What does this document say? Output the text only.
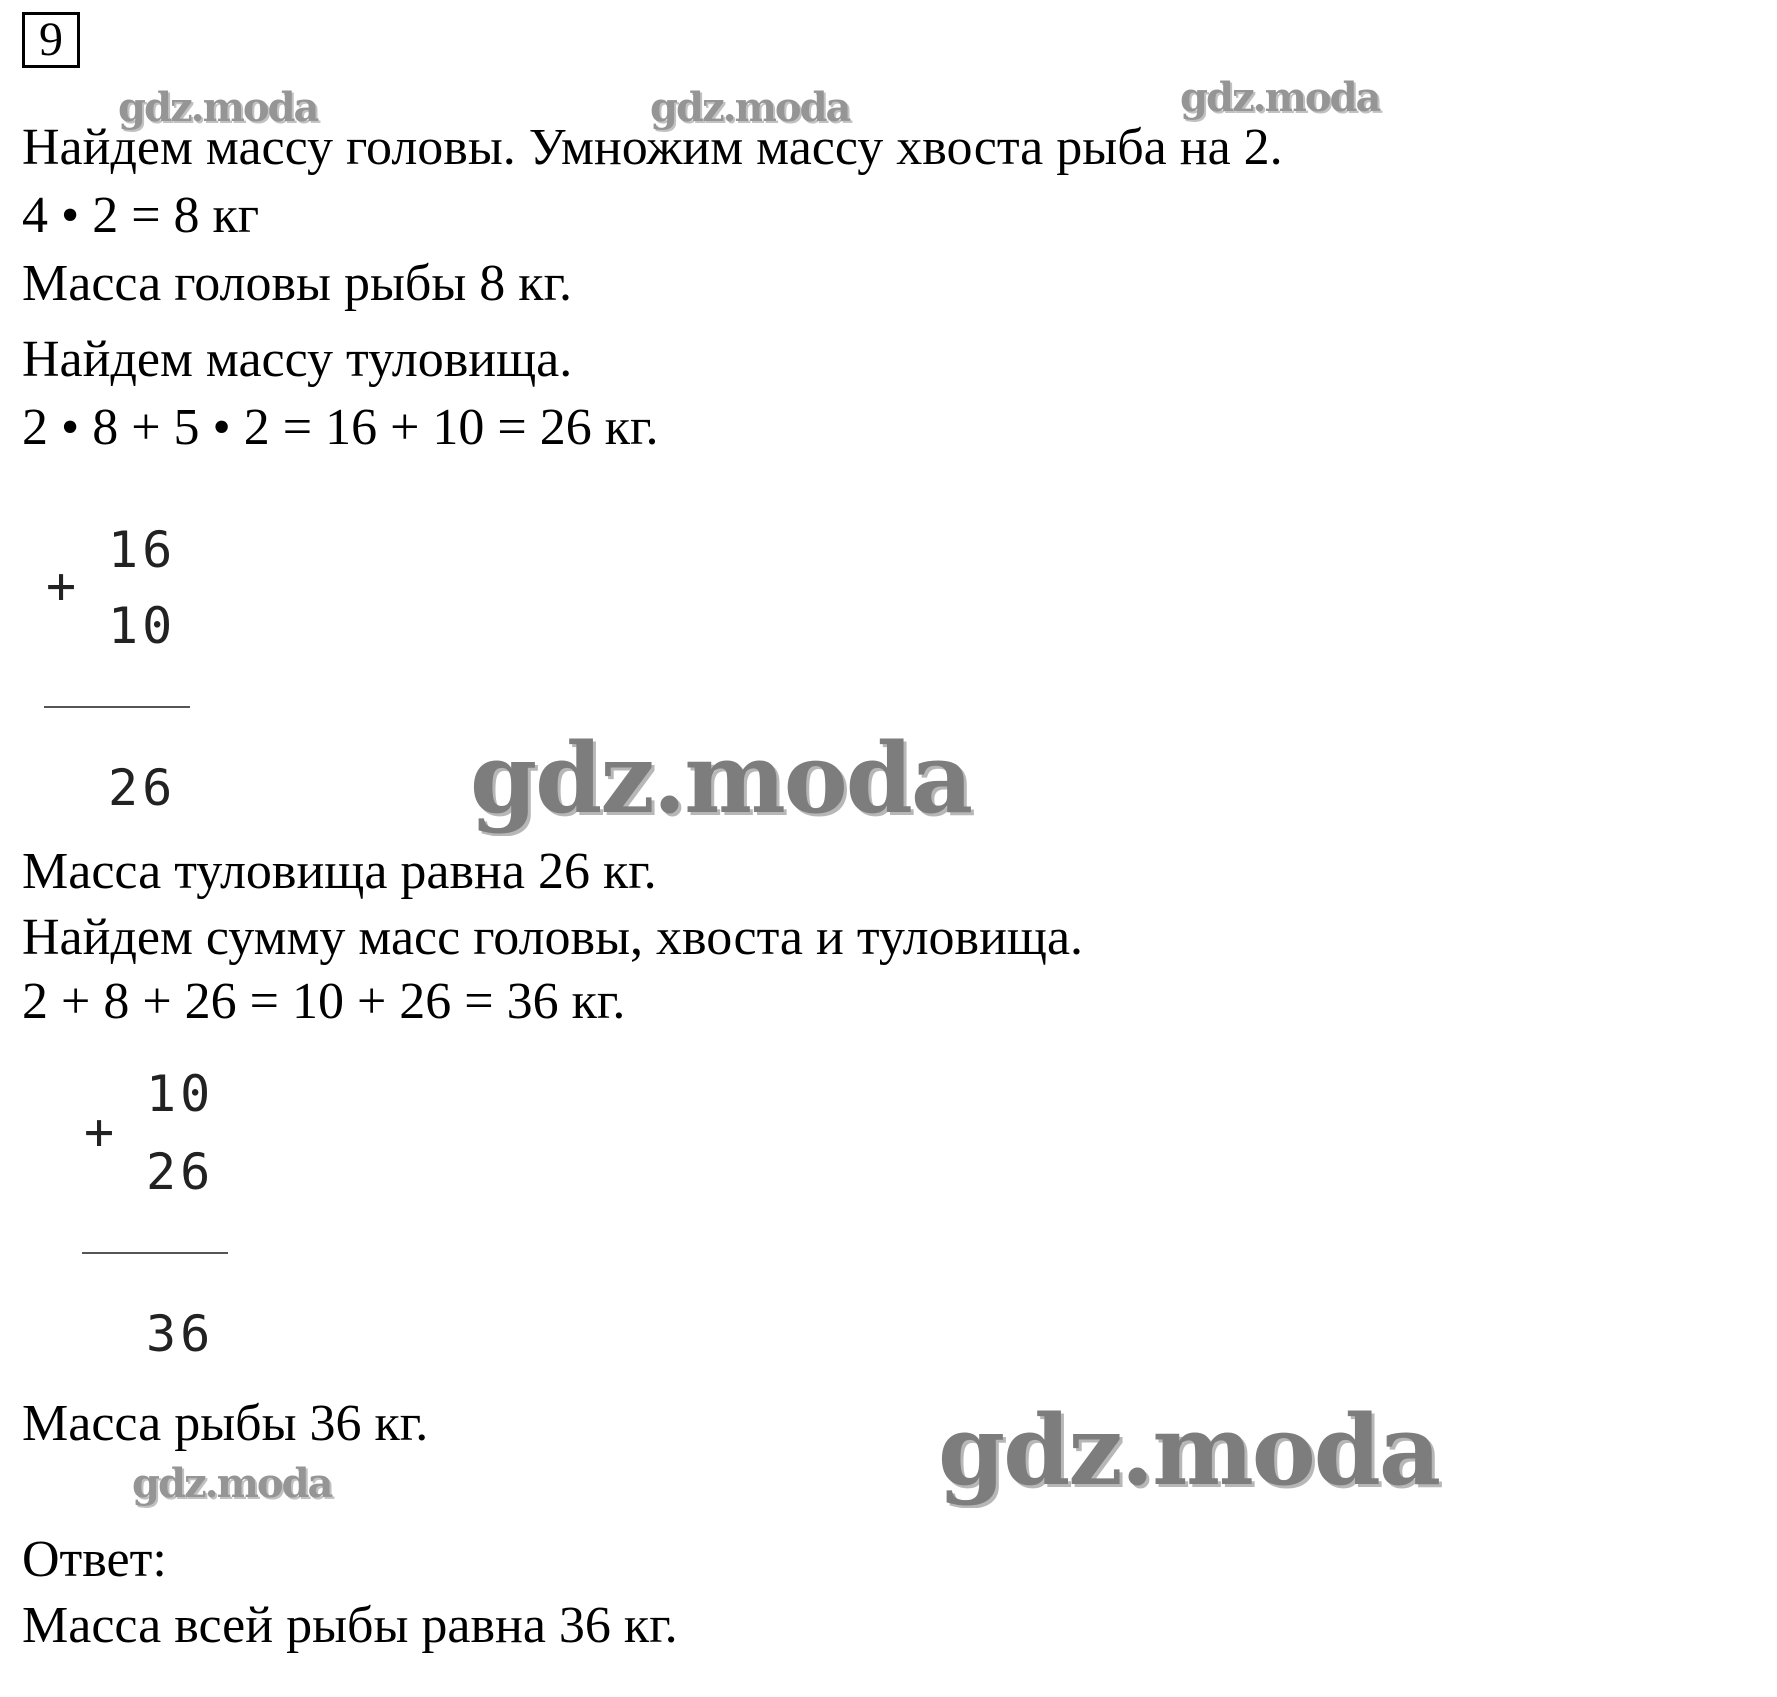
9
gdz.moda	gdz.moda	gdz.moda
Найдем массу головы. Умножим массу хвоста рыба на 2.
4 • 2 = 8 кг
Масса головы рыбы 8 кг.
Найдем массу туловища.
2 • 8 + 5 • 2 = 16 + 10 = 26 кг.
+
16
10
26	gdz.moda
Масса туловища равна 26 кг.
Найдем сумму масс головы, хвоста и туловища.
2 + 8 + 26 = 10 + 26 = 36 кг.
+
10
26
36
Масса рыбы 36 кг.
gdz.moda	gdz.moda
Ответ:
Масса всей рыбы равна 36 кг.
